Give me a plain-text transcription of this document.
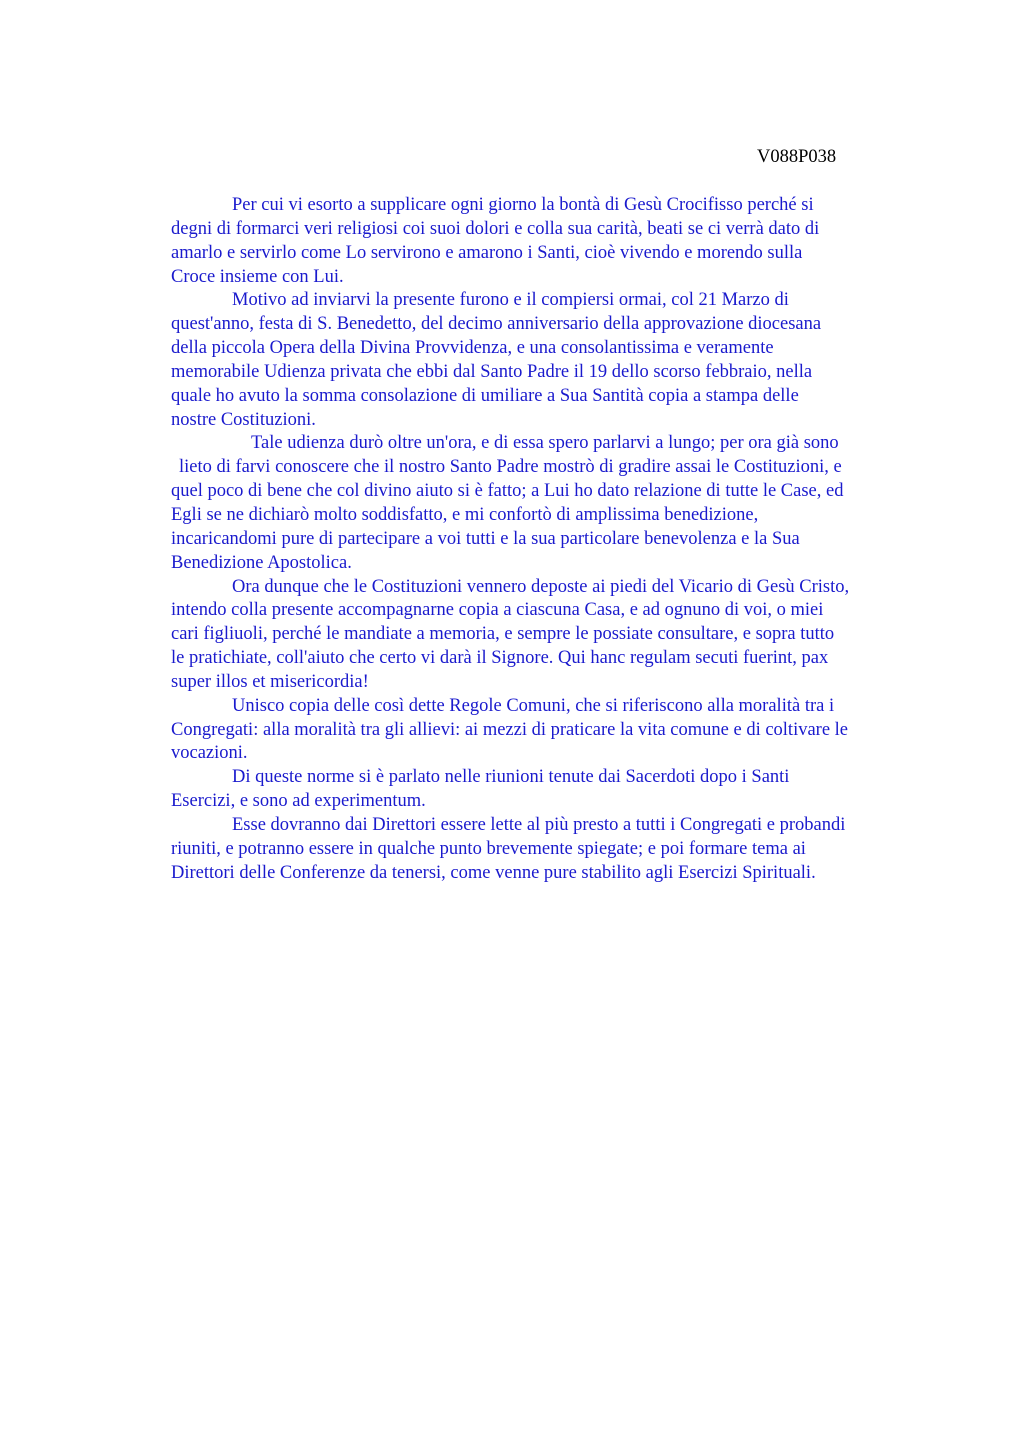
V088P038
Per cui vi esorto a supplicare ogni giorno la bontà di Gesù Crocifisso perché si
degni di formarci veri religiosi coi suoi dolori e colla sua carità, beati se ci verrà dato di
amarlo e servirlo come Lo servirono e amarono i Santi, cioè vivendo e morendo sulla
Croce insieme con Lui.
Motivo ad inviarvi la presente furono e il compiersi ormai, col 21 Marzo di
quest'anno, festa di S. Benedetto, del decimo anniversario della approvazione diocesana
della piccola Opera della Divina Provvidenza, e una consolantissima e veramente
memorabile Udienza privata che ebbi dal Santo Padre il 19 dello scorso febbraio, nella
quale ho avuto la somma consolazione di umiliare a Sua Santità copia a stampa delle
nostre Costituzioni.
Tale udienza durò oltre un'ora, e di essa spero parlarvi a lungo; per ora già sono
lieto di farvi conoscere che il nostro Santo Padre mostrò di gradire assai le Costituzioni, e
quel poco di bene che col divino aiuto si è fatto; a Lui ho dato relazione di tutte le Case, ed
Egli se ne dichiarò molto soddisfatto, e mi confortò di amplissima benedizione,
incaricandomi pure di partecipare a voi tutti e la sua particolare benevolenza e la Sua
Benedizione Apostolica.
Ora dunque che le Costituzioni vennero deposte ai piedi del Vicario di Gesù Cristo,
intendo colla presente accompagnarne copia a ciascuna Casa, e ad ognuno di voi, o miei
cari figliuoli, perché le mandiate a memoria, e sempre le possiate consultare, e sopra tutto
le pratichiate, coll'aiuto che certo vi darà il Signore. Qui hanc regulam secuti fuerint, pax
super illos et misericordia!
Unisco copia delle così dette Regole Comuni, che si riferiscono alla moralità tra i
Congregati: alla moralità tra gli allievi: ai mezzi di praticare la vita comune e di coltivare le
vocazioni.
Di queste norme si è parlato nelle riunioni tenute dai Sacerdoti dopo i Santi
Esercizi, e sono ad experimentum.
Esse dovranno dai Direttori essere lette al più presto a tutti i Congregati e probandi
riuniti, e potranno essere in qualche punto brevemente spiegate; e poi formare tema ai
Direttori delle Conferenze da tenersi, come venne pure stabilito agli Esercizi Spirituali.
